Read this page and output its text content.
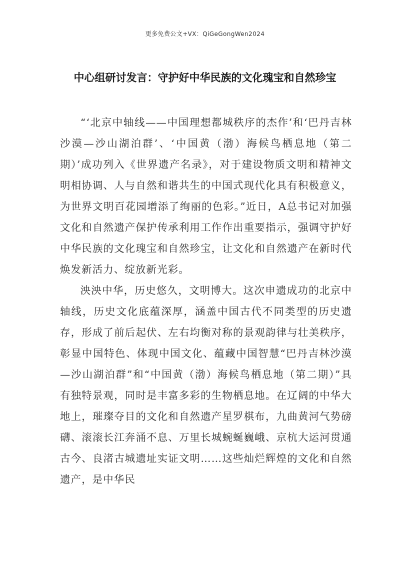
更多免费公文+VX：QiGeGongWen2024
中心组研讨发言：守护好中华民族的文化瑰宝和自然珍宝

“‘北京中轴线——中国理想都城秩序的杰作’和‘巴丹吉林沙漠—沙山湖泊群’、‘中国黄（渤）海候鸟栖息地（第二期）’成功列入《世界遗产名录》，对于建设物质文明和精神文明相协调、人与自然和谐共生的中国式现代化具有积极意义，为世界文明百花园增添了绚丽的色彩。”近日，A总书记对加强文化和自然遗产保护传承利用工作作出重要指示，强调守护好中华民族的文化瑰宝和自然珍宝，让文化和自然遗产在新时代焕发新活力、绽放新光彩。

泱泱中华，历史悠久，文明博大。这次申遗成功的北京中轴线，历史文化底蕴深厚，涵盖中国古代不同类型的历史遗存，形成了前后起伏、左右均衡对称的景观韵律与壮美秩序，彰显中国特色、体现中国文化、蕴藏中国智慧“巴丹吉林沙漠—沙山湖泊群”和“中国黄（渤）海候鸟栖息地（第二期）”具有独特景观，同时是丰富多彩的生物栖息地。在辽阔的中华大地上，璀璨夺目的文化和自然遗产星罗棋布，九曲黄河气势磅礴、滚滚长江奔涌不息、万里长城蜿蜒巍峨、京杭大运河贯通古今、良渚古城遗址实证文明……这些灿烂辉煌的文化和自然遗产，是中华民
